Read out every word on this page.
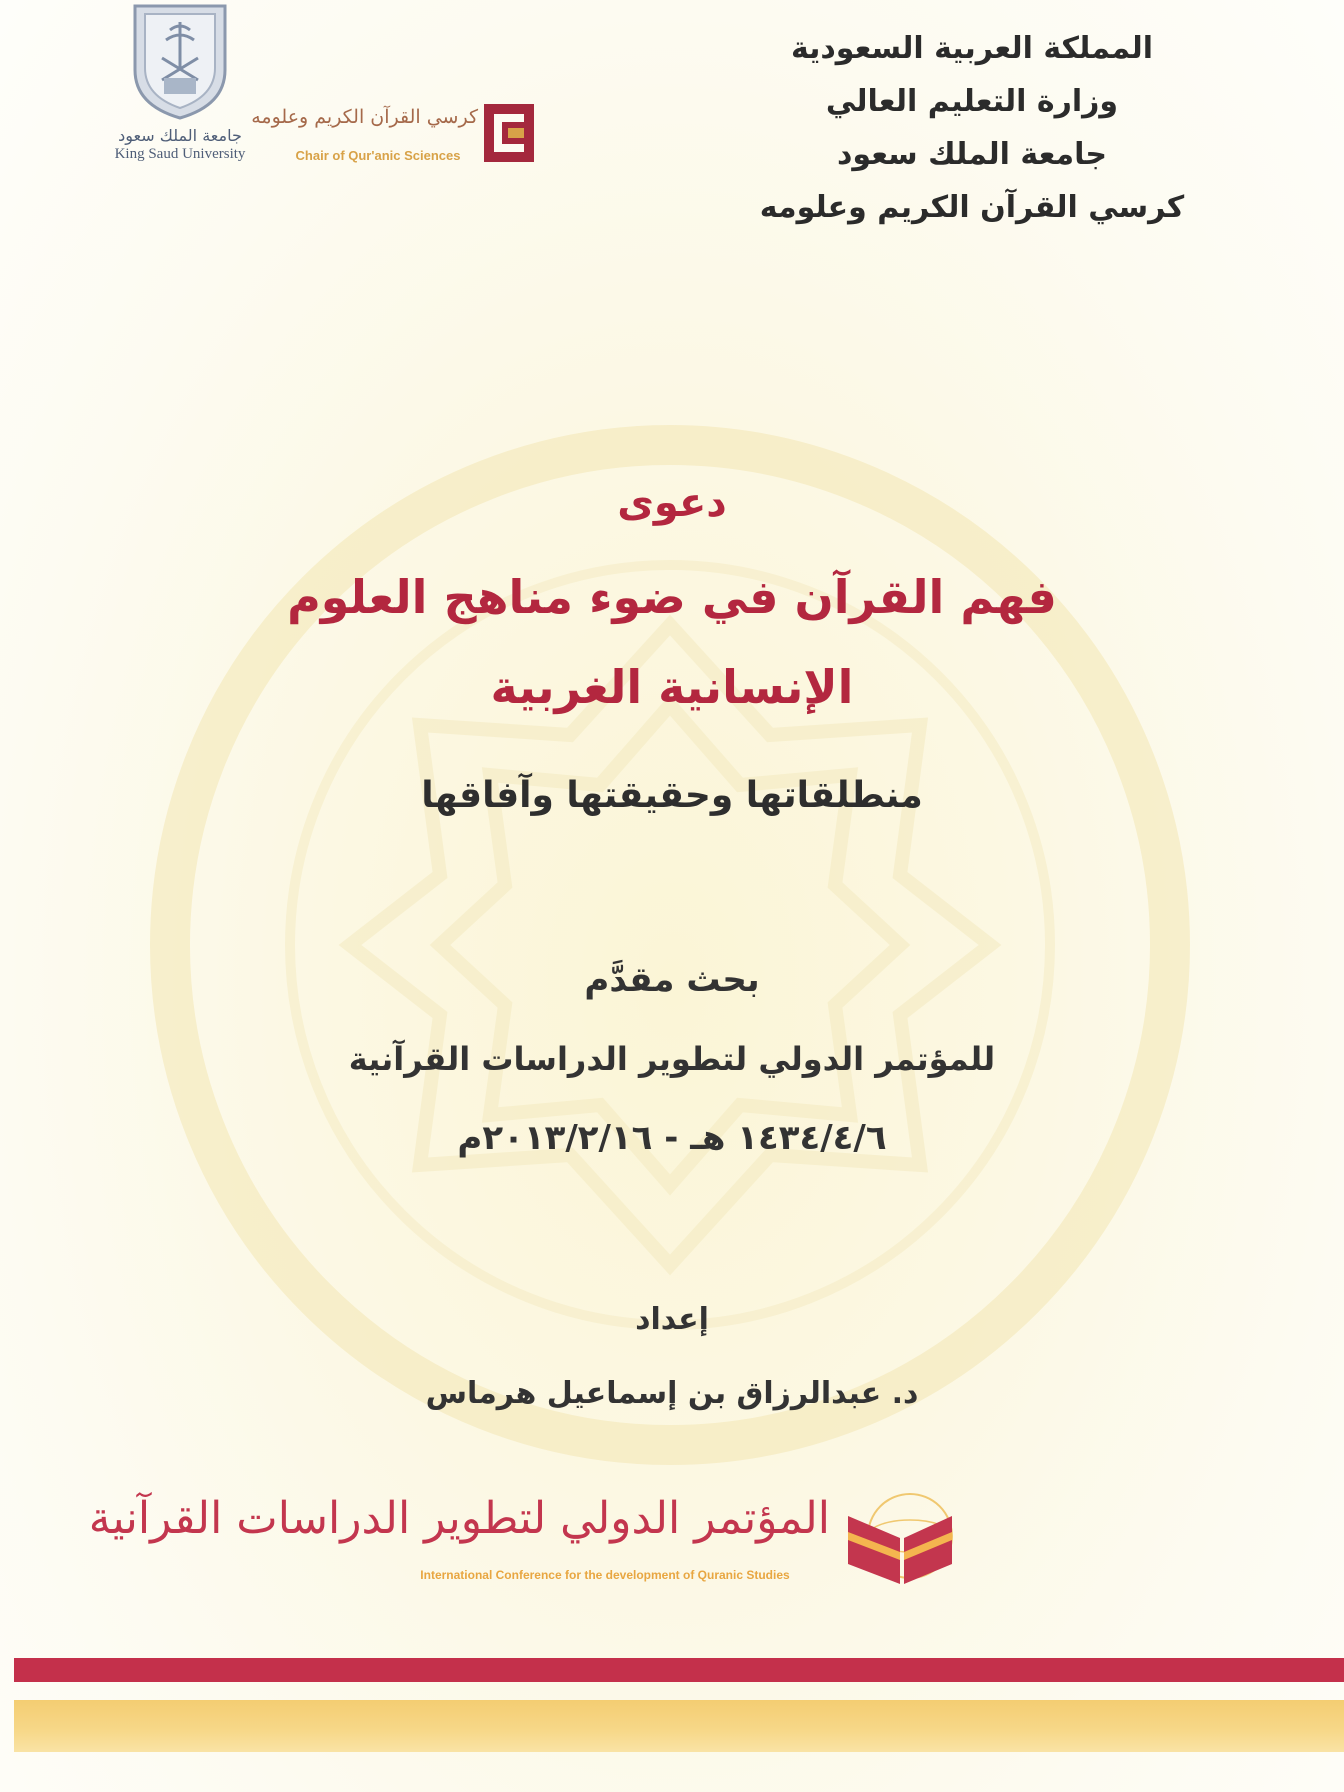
المملكة العربية السعودية
وزارة التعليم العالي
جامعة الملك سعود
كرسي القرآن الكريم وعلومه
جامعة الملك سعود
King Saud University
كرسي القرآن الكريم وعلومه
Chair of Qur'anic Sciences
دعوى
فهم القرآن في ضوء مناهج العلوم
الإنسانية الغربية
منطلقاتها وحقيقتها وآفاقها
بحث مقدَّم
للمؤتمر الدولي لتطوير الدراسات القرآنية
١٤٣٤/٤/٦ هـ - ٢٠١٣/٢/١٦م
إعداد
د. عبدالرزاق بن إسماعيل هرماس
المؤتمر الدولي لتطوير الدراسات القرآنية
International Conference for the development of Quranic Studies
